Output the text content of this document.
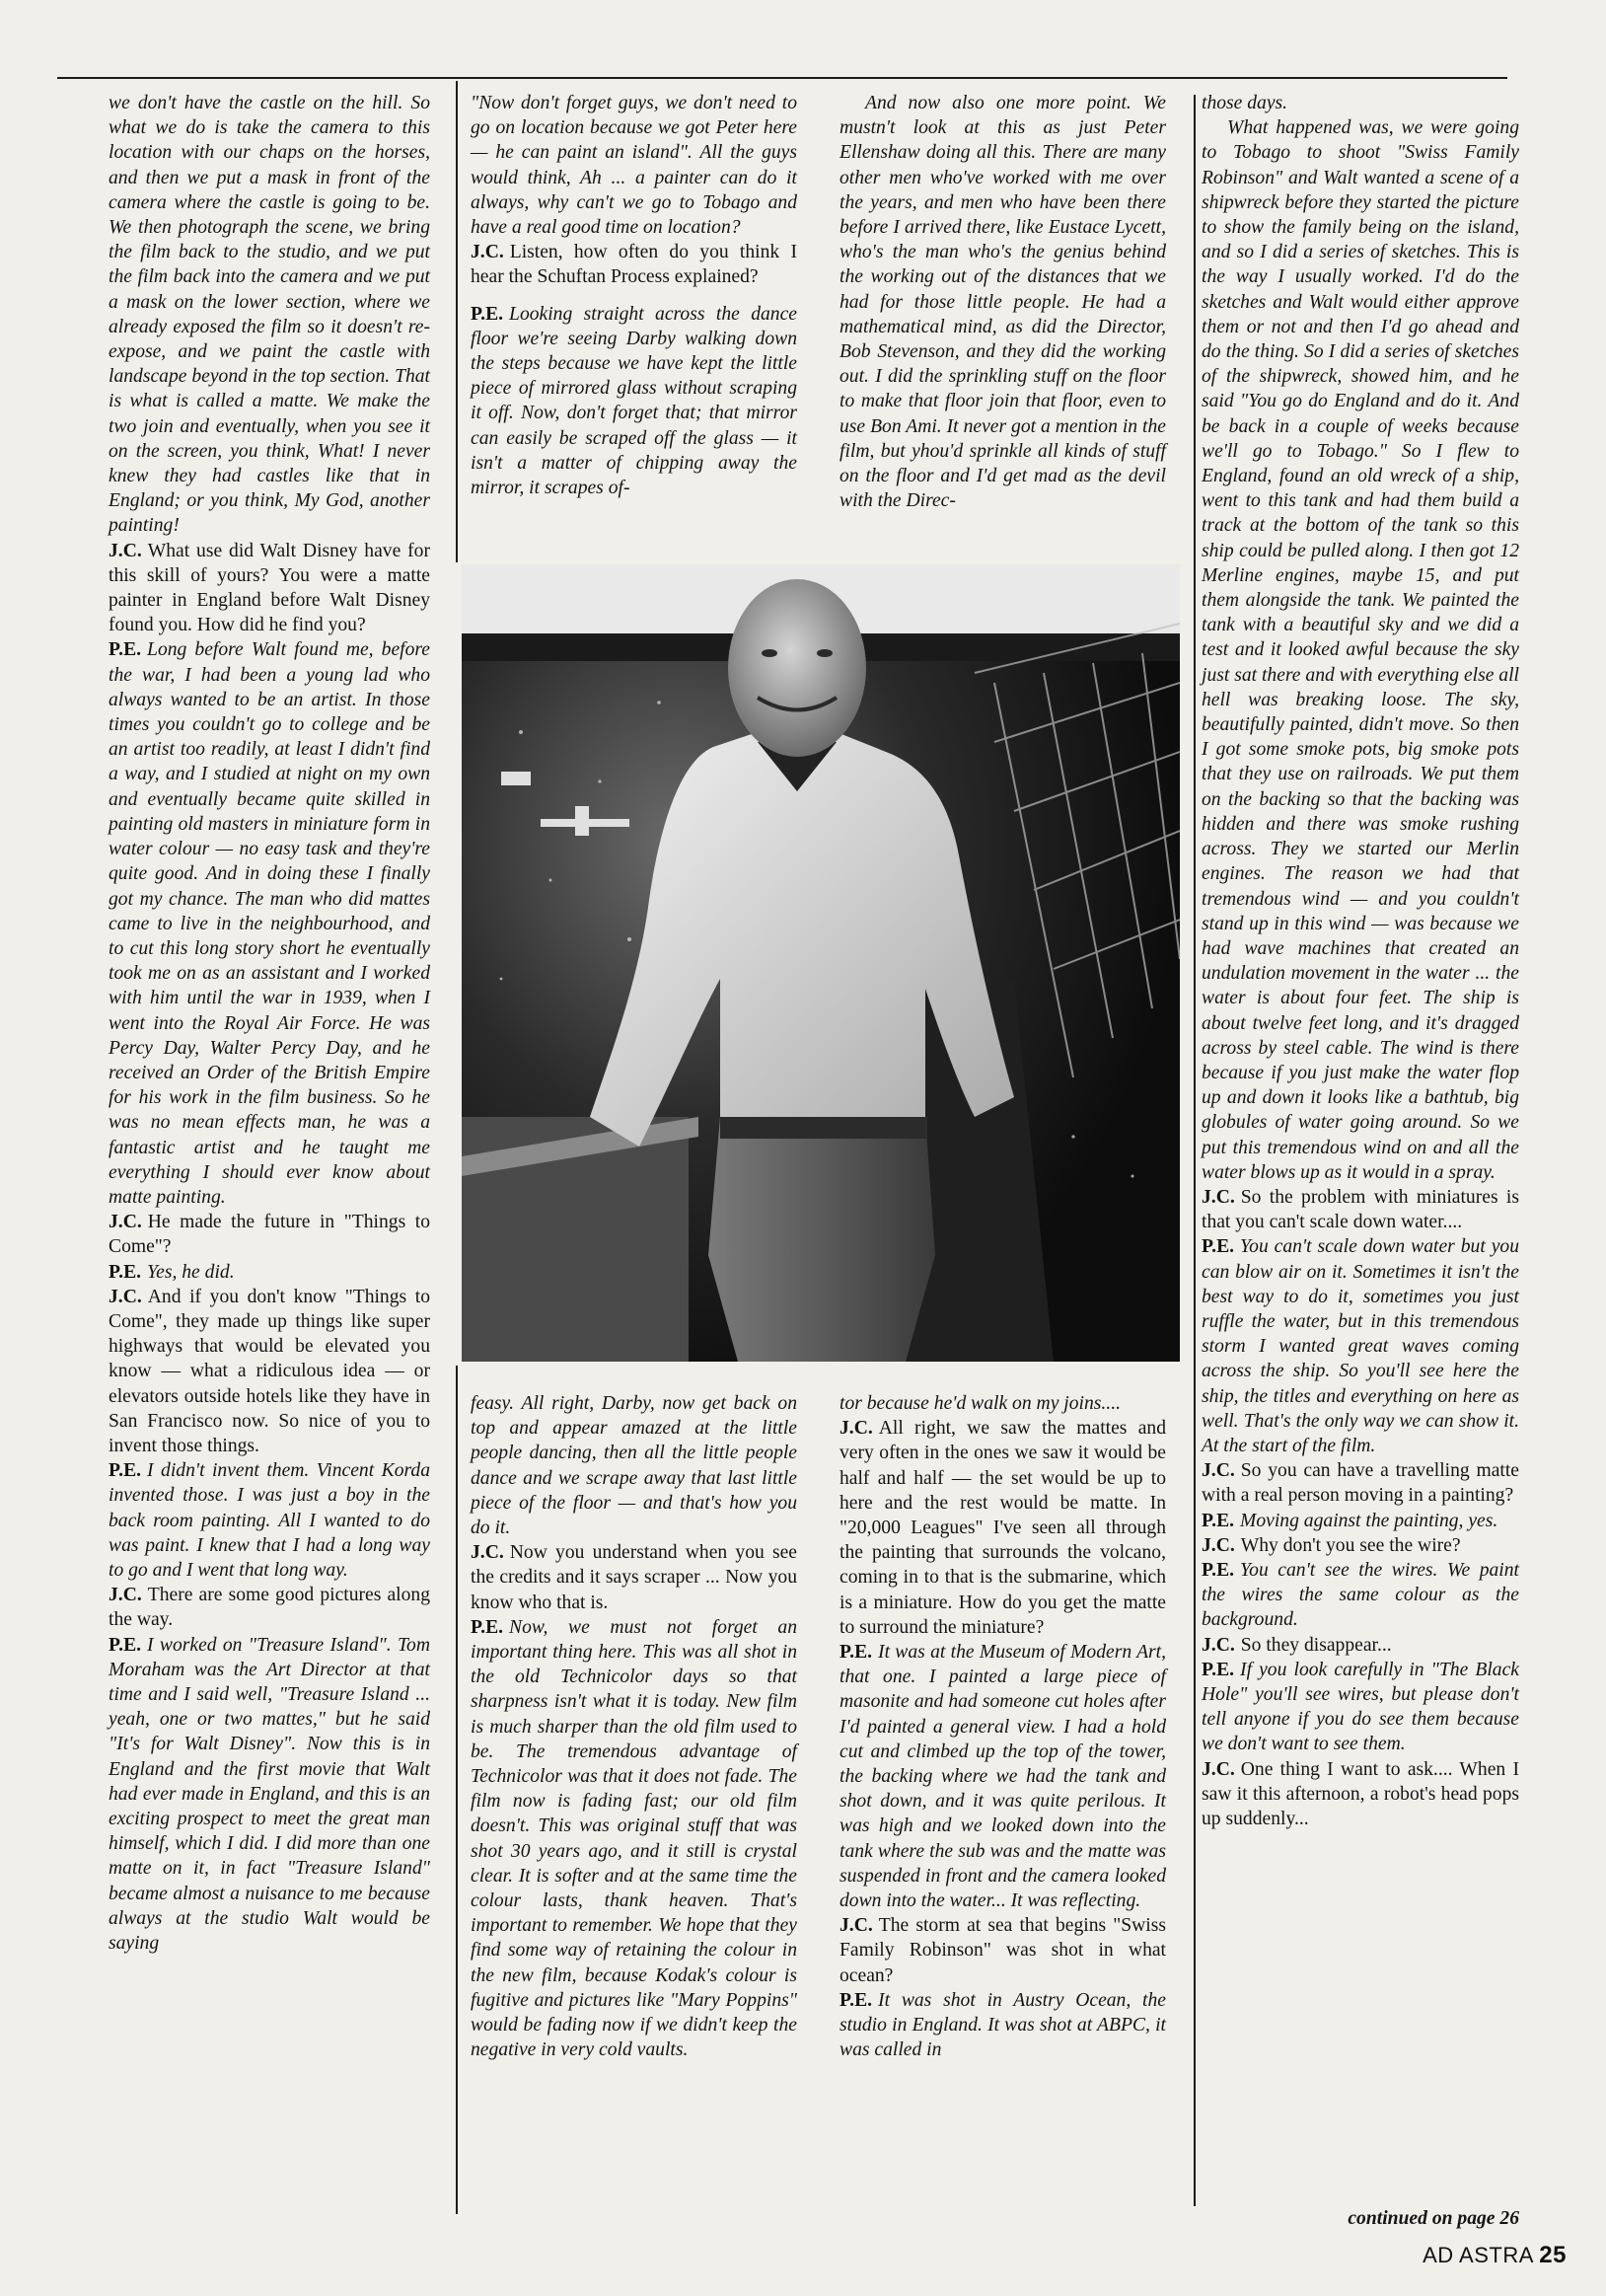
we don't have the castle on the hill. So what we do is take the camera to this location with our chaps on the horses, and then we put a mask in front of the camera where the castle is going to be. We then photograph the scene, we bring the film back to the studio, and we put the film back into the camera and we put a mask on the lower section, where we already exposed the film so it doesn't re-expose, and we paint the castle with landscape beyond in the top section. That is what is called a matte. We make the two join and eventually, when you see it on the screen, you think, What! I never knew they had castles like that in England; or you think, My God, another painting!

J.C. What use did Walt Disney have for this skill of yours? You were a matte painter in England before Walt Disney found you. How did he find you?

P.E. Long before Walt found me, before the war, I had been a young lad who always wanted to be an artist. In those times you couldn't go to college and be an artist too readily, at least I didn't find a way, and I studied at night on my own and eventually became quite skilled in painting old masters in miniature form in water colour — no easy task and they're quite good. And in doing these I finally got my chance. The man who did mattes came to live in the neighbourhood, and to cut this long story short he eventually took me on as an assistant and I worked with him until the war in 1939, when I went into the Royal Air Force. He was Percy Day, Walter Percy Day, and he received an Order of the British Empire for his work in the film business. So he was no mean effects man, he was a fantastic artist and he taught me everything I should ever know about matte painting.

J.C. He made the future in "Things to Come"?

P.E. Yes, he did.

J.C. And if you don't know "Things to Come", they made up things like super highways that would be elevated you know — what a ridiculous idea — or elevators outside hotels like they have in San Francisco now. So nice of you to invent those things.

P.E. I didn't invent them. Vincent Korda invented those. I was just a boy in the back room painting. All I wanted to do was paint. I knew that I had a long way to go and I went that long way.

J.C. There are some good pictures along the way.

P.E. I worked on "Treasure Island". Tom Moraham was the Art Director at that time and I said well, "Treasure Island ... yeah, one or two mattes," but he said "It's for Walt Disney". Now this is in England and the first movie that Walt had ever made in England, and this is an exciting prospect to meet the great man himself, which I did. I did more than one matte on it, in fact "Treasure Island" became almost a nuisance to me because always at the studio Walt would be saying

"Now don't forget guys, we don't need to go on location because we got Peter here — he can paint an island". All the guys would think, Ah ... a painter can do it always, why can't we go to Tobago and have a real good time on location?

J.C. Listen, how often do you think I hear the Schuftan Process explained?

P.E. Looking straight across the dance floor we're seeing Darby walking down the steps because we have kept the little piece of mirrored glass without scraping it off. Now, don't forget that; that mirror can easily be scraped off the glass — it isn't a matter of chipping away the mirror, it scrapes of-

And now also one more point. We mustn't look at this as just Peter Ellenshaw doing all this. There are many other men who've worked with me over the years, and men who have been there before I arrived there, like Eustace Lycett, who's the man who's the genius behind the working out of the distances that we had for those little people. He had a mathematical mind, as did the Director, Bob Stevenson, and they did the working out. I did the sprinkling stuff on the floor to make that floor join that floor, even to use Bon Ami. It never got a mention in the film, but yhou'd sprinkle all kinds of stuff on the floor and I'd get mad as the devil with the Direc-

feasy. All right, Darby, now get back on top and appear amazed at the little people dancing, then all the little people dance and we scrape away that last little piece of the floor — and that's how you do it.

J.C. Now you understand when you see the credits and it says scraper ... Now you know who that is.

P.E. Now, we must not forget an important thing here. This was all shot in the old Technicolor days so that sharpness isn't what it is today. New film is much sharper than the old film used to be. The tremendous advantage of Technicolor was that it does not fade. The film now is fading fast; our old film doesn't. This was original stuff that was shot 30 years ago, and it still is crystal clear. It is softer and at the same time the colour lasts, thank heaven. That's important to remember. We hope that they find some way of retaining the colour in the new film, because Kodak's colour is fugitive and pictures like "Mary Poppins" would be fading now if we didn't keep the negative in very cold vaults.

tor because he'd walk on my joins....

J.C. All right, we saw the mattes and very often in the ones we saw it would be half and half — the set would be up to here and the rest would be matte. In "20,000 Leagues" I've seen all through the painting that surrounds the volcano, coming in to that is the submarine, which is a miniature. How do you get the matte to surround the miniature?

P.E. It was at the Museum of Modern Art, that one. I painted a large piece of masonite and had someone cut holes after I'd painted a general view. I had a hold cut and climbed up the top of the tower, the backing where we had the tank and shot down, and it was quite perilous. It was high and we looked down into the tank where the sub was and the matte was suspended in front and the camera looked down into the water... It was reflecting.

J.C. The storm at sea that begins "Swiss Family Robinson" was shot in what ocean?

P.E. It was shot in Austry Ocean, the studio in England. It was shot at ABPC, it was called in

those days.

What happened was, we were going to Tobago to shoot "Swiss Family Robinson" and Walt wanted a scene of a shipwreck before they started the picture to show the family being on the island, and so I did a series of sketches. This is the way I usually worked. I'd do the sketches and Walt would either approve them or not and then I'd go ahead and do the thing. So I did a series of sketches of the shipwreck, showed him, and he said "You go do England and do it. And be back in a couple of weeks because we'll go to Tobago." So I flew to England, found an old wreck of a ship, went to this tank and had them build a track at the bottom of the tank so this ship could be pulled along. I then got 12 Merline engines, maybe 15, and put them alongside the tank. We painted the tank with a beautiful sky and we did a test and it looked awful because the sky just sat there and with everything else all hell was breaking loose. The sky, beautifully painted, didn't move. So then I got some smoke pots, big smoke pots that they use on railroads. We put them on the backing so that the backing was hidden and there was smoke rushing across. They we started our Merlin engines. The reason we had that tremendous wind — and you couldn't stand up in this wind — was because we had wave machines that created an undulation movement in the water ... the water is about four feet. The ship is about twelve feet long, and it's dragged across by steel cable. The wind is there because if you just make the water flop up and down it looks like a bathtub, big globules of water going around. So we put this tremendous wind on and all the water blows up as it would in a spray.

J.C. So the problem with miniatures is that you can't scale down water....

P.E. You can't scale down water but you can blow air on it. Sometimes it isn't the best way to do it, sometimes you just ruffle the water, but in this tremendous storm I wanted great waves coming across the ship. So you'll see here the ship, the titles and everything on here as well. That's the only way we can show it. At the start of the film.

J.C. So you can have a travelling matte with a real person moving in a painting?

P.E. Moving against the painting, yes.

J.C. Why don't you see the wire?

P.E. You can't see the wires. We paint the wires the same colour as the background.

J.C. So they disappear...

P.E. If you look carefully in "The Black Hole" you'll see wires, but please don't tell anyone if you do see them because we don't want to see them.

J.C. One thing I want to ask.... When I saw it this afternoon, a robot's head pops up suddenly...

continued on page 26
AD ASTRA 25
